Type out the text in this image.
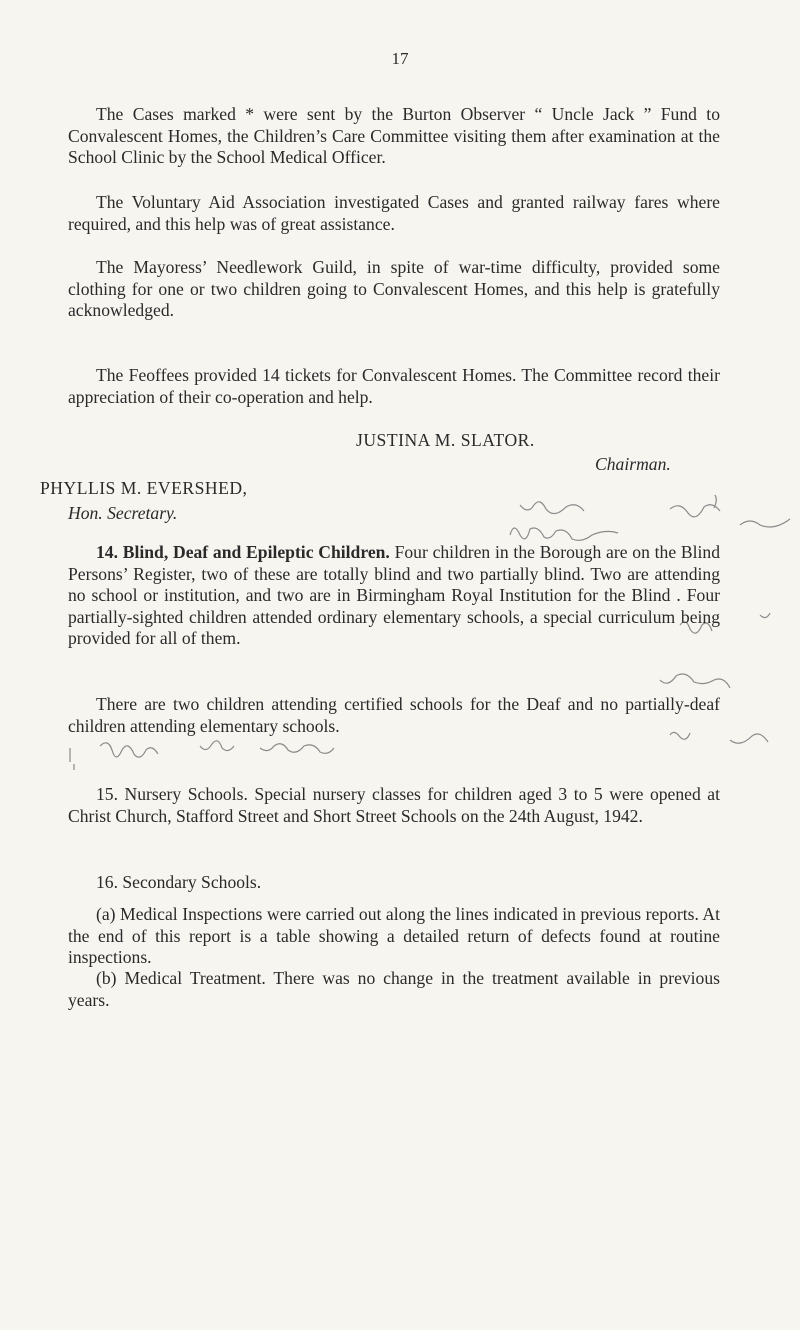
17

The Cases marked * were sent by the Burton Observer “ Uncle Jack ” Fund to Convalescent Homes, the Children’s Care Committee visiting them after examination at the School Clinic by the School Medical Officer.

The Voluntary Aid Association investigated Cases and granted railway fares where required, and this help was of great assistance.

The Mayoress’ Needlework Guild, in spite of war-time difficulty, provided some clothing for one or two children going to Convalescent Homes, and this help is gratefully acknowledged.

The Feoffees provided 14 tickets for Convalescent Homes. The Committee record their appreciation of their co-operation and help.

JUSTINA M. SLATOR.
Chairman.
PHYLLIS M. EVERSHED,
Hon. Secretary.

14. Blind, Deaf and Epileptic Children. Four children in the Borough are on the Blind Persons’ Register, two of these are totally blind and two partially blind. Two are attending no school or institution, and two are in Birmingham Royal Institution for the Blind . Four partially-sighted children attended ordinary elementary schools, a special curriculum being provided for all of them.

There are two children attending certified schools for the Deaf and no partially-deaf children attending elementary schools.

15. Nursery Schools. Special nursery classes for children aged 3 to 5 were opened at Christ Church, Stafford Street and Short Street Schools on the 24th August, 1942.

16. Secondary Schools.

(a) Medical Inspections were carried out along the lines indicated in previous reports. At the end of this report is a table showing a detailed return of defects found at routine inspections.

(b) Medical Treatment. There was no change in the treatment available in previous years.
